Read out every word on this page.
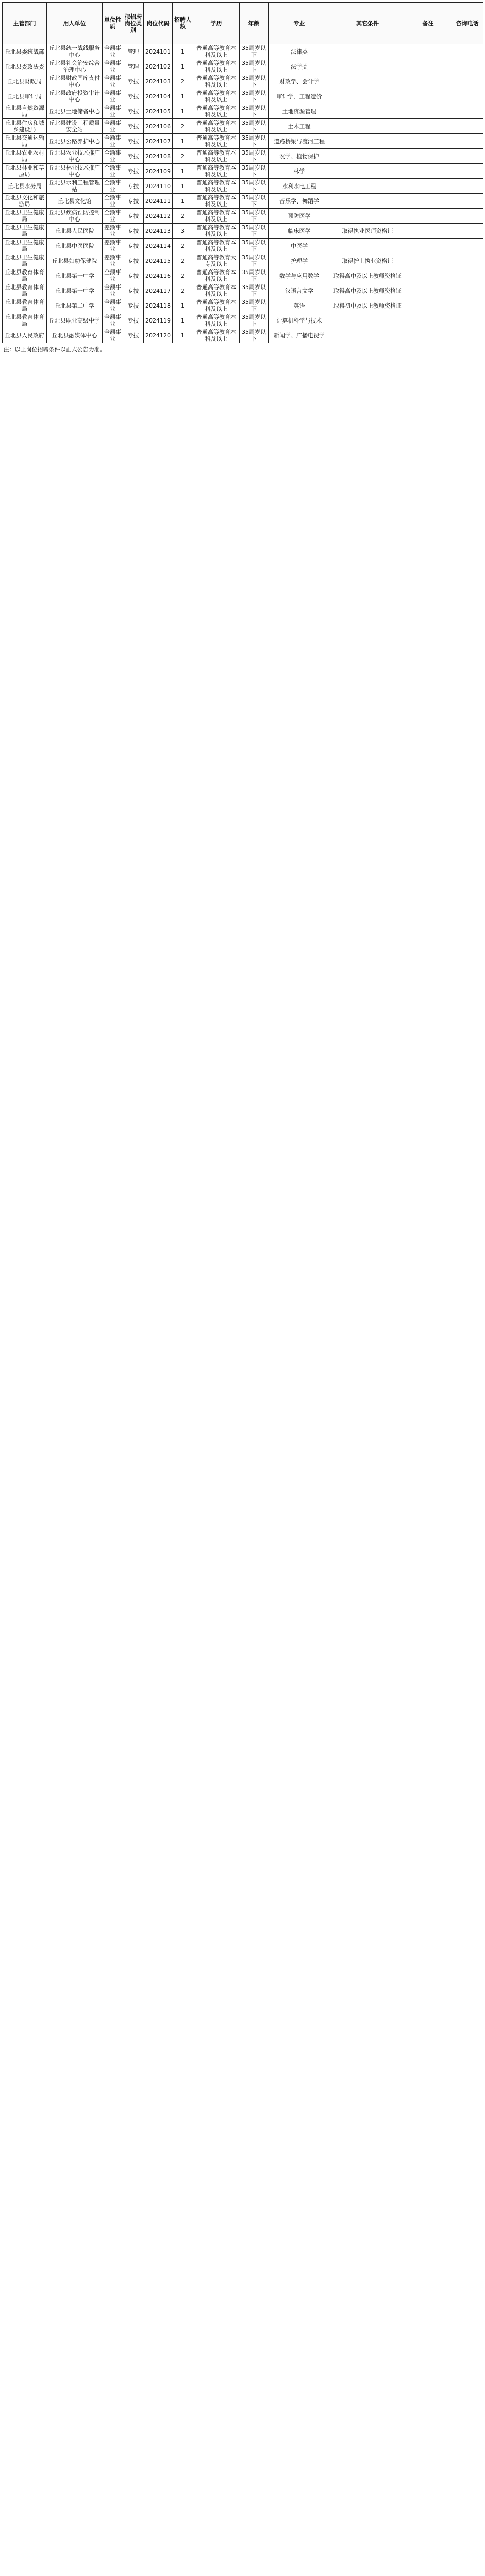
主管部门	用人单位	单位性质	拟招聘岗位类别	岗位代码	招聘人数	学历	年龄	专业	其它条件	备注	咨询电话
丘北县委统战部	丘北县统一战线服务中心	全额事业	管理	2024101	1	普通高等教育本科及以上	35周岁以下	法律类			
丘北县委政法委	丘北县社会治安综合治理中心	全额事业	管理	2024102	1	普通高等教育本科及以上	35周岁以下	法学类			
丘北县财政局	丘北县财政国库支付中心	全额事业	专技	2024103	2	普通高等教育本科及以上	35周岁以下	财政学、会计学			
丘北县审计局	丘北县政府投资审计中心	全额事业	专技	2024104	1	普通高等教育本科及以上	35周岁以下	审计学、工程造价			
丘北县自然资源局	丘北县土地储备中心	全额事业	专技	2024105	1	普通高等教育本科及以上	35周岁以下	土地资源管理			
丘北县住房和城乡建设局	丘北县建设工程质量安全站	全额事业	专技	2024106	2	普通高等教育本科及以上	35周岁以下	土木工程			
丘北县交通运输局	丘北县公路养护中心	全额事业	专技	2024107	1	普通高等教育本科及以上	35周岁以下	道路桥梁与渡河工程			
丘北县农业农村局	丘北县农业技术推广中心	全额事业	专技	2024108	2	普通高等教育本科及以上	35周岁以下	农学、植物保护			
丘北县林业和草原局	丘北县林业技术推广中心	全额事业	专技	2024109	1	普通高等教育本科及以上	35周岁以下	林学			
丘北县水务局	丘北县水利工程管理站	全额事业	专技	2024110	1	普通高等教育本科及以上	35周岁以下	水利水电工程			
丘北县文化和旅游局	丘北县文化馆	全额事业	专技	2024111	1	普通高等教育本科及以上	35周岁以下	音乐学、舞蹈学			
丘北县卫生健康局	丘北县疾病预防控制中心	全额事业	专技	2024112	2	普通高等教育本科及以上	35周岁以下	预防医学			
丘北县卫生健康局	丘北县人民医院	差额事业	专技	2024113	3	普通高等教育本科及以上	35周岁以下	临床医学	取得执业医师资格证		
丘北县卫生健康局	丘北县中医医院	差额事业	专技	2024114	2	普通高等教育本科及以上	35周岁以下	中医学			
丘北县卫生健康局	丘北县妇幼保健院	差额事业	专技	2024115	2	普通高等教育大专及以上	35周岁以下	护理学	取得护士执业资格证		
丘北县教育体育局	丘北县第一中学	全额事业	专技	2024116	2	普通高等教育本科及以上	35周岁以下	数学与应用数学	取得高中及以上教师资格证		
丘北县教育体育局	丘北县第一中学	全额事业	专技	2024117	2	普通高等教育本科及以上	35周岁以下	汉语言文学	取得高中及以上教师资格证		
丘北县教育体育局	丘北县第二中学	全额事业	专技	2024118	1	普通高等教育本科及以上	35周岁以下	英语	取得初中及以上教师资格证		
丘北县教育体育局	丘北县职业高级中学	全额事业	专技	2024119	1	普通高等教育本科及以上	35周岁以下	计算机科学与技术			
丘北县人民政府	丘北县融媒体中心	全额事业	专技	2024120	1	普通高等教育本科及以上	35周岁以下	新闻学、广播电视学			
注：以上岗位招聘条件以正式公告为准。											
